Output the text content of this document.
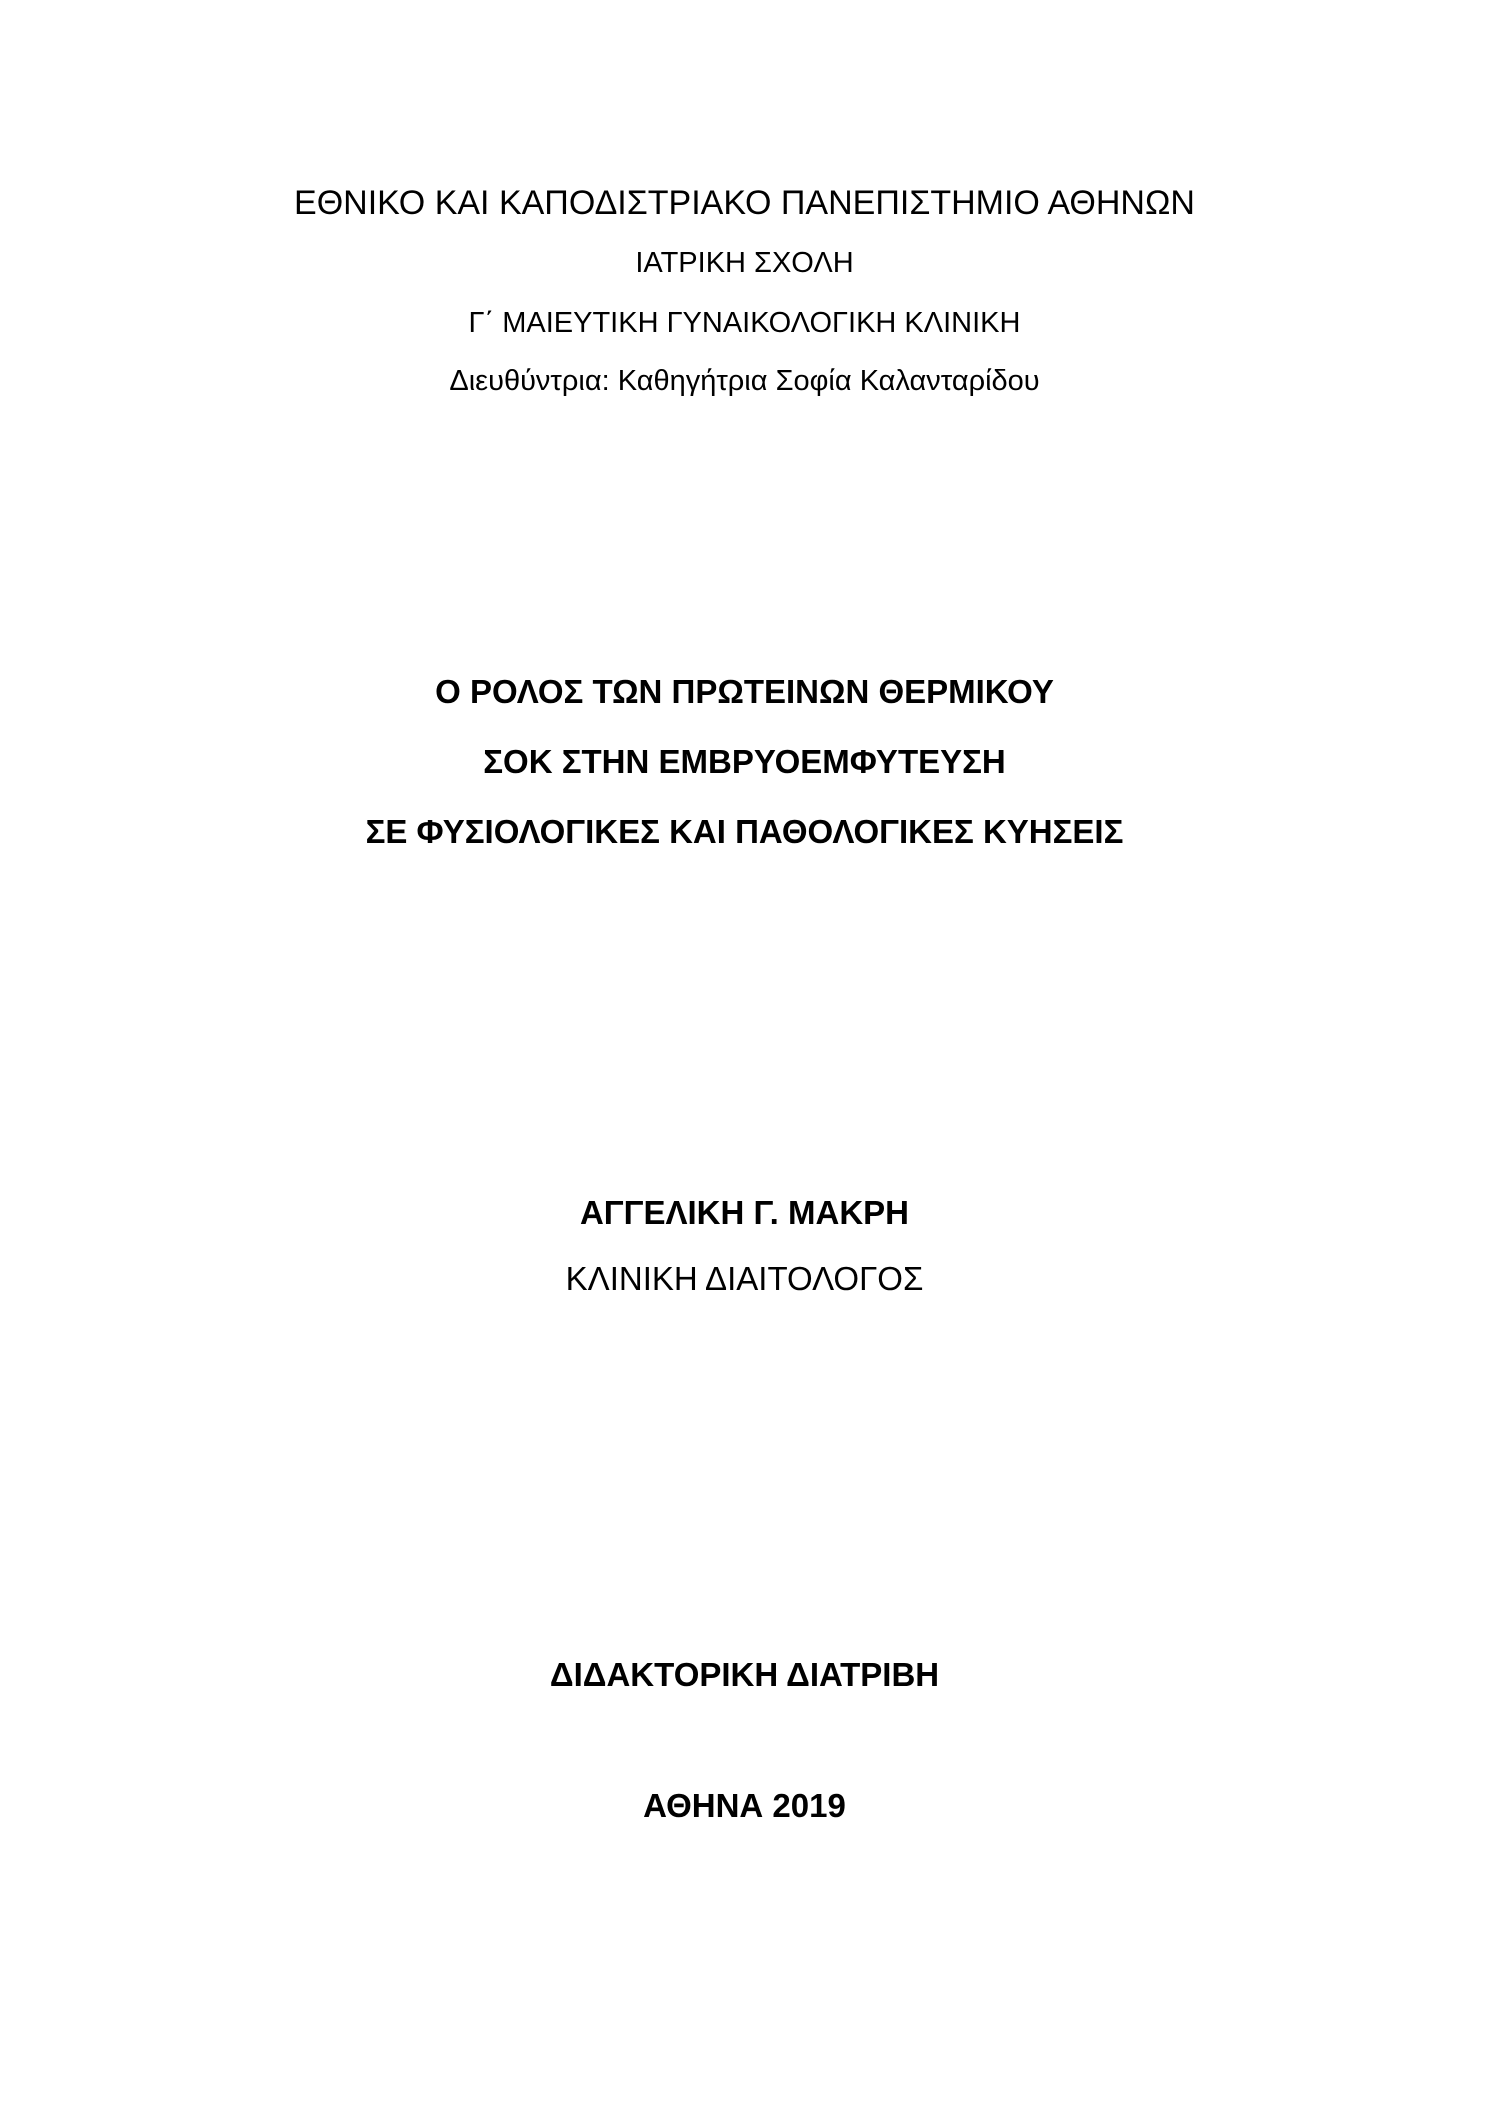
ΕΘΝΙΚΟ ΚΑΙ ΚΑΠΟΔΙΣΤΡΙΑΚΟ ΠΑΝΕΠΙΣΤΗΜΙΟ ΑΘΗΝΩΝ
ΙΑΤΡΙΚΗ ΣΧΟΛΗ
Γ΄ ΜΑΙΕΥΤΙΚΗ ΓΥΝΑΙΚΟΛΟΓΙΚΗ ΚΛΙΝΙΚΗ
Διευθύντρια: Καθηγήτρια Σοφία Καλανταρίδου
Ο ΡΟΛΟΣ ΤΩΝ ΠΡΩΤΕΙΝΩΝ ΘΕΡΜΙΚΟΥ
ΣΟΚ ΣΤΗΝ ΕΜΒΡΥΟΕΜΦΥΤΕΥΣΗ
ΣΕ ΦΥΣΙΟΛΟΓΙΚΕΣ ΚΑΙ ΠΑΘΟΛΟΓΙΚΕΣ ΚΥΗΣΕΙΣ
ΑΓΓΕΛΙΚΗ Γ. ΜΑΚΡΗ
ΚΛΙΝΙΚΗ ΔΙΑΙΤΟΛΟΓΟΣ
ΔΙΔΑΚΤΟΡΙΚΗ ΔΙΑΤΡΙΒΗ
ΑΘΗΝΑ 2019
